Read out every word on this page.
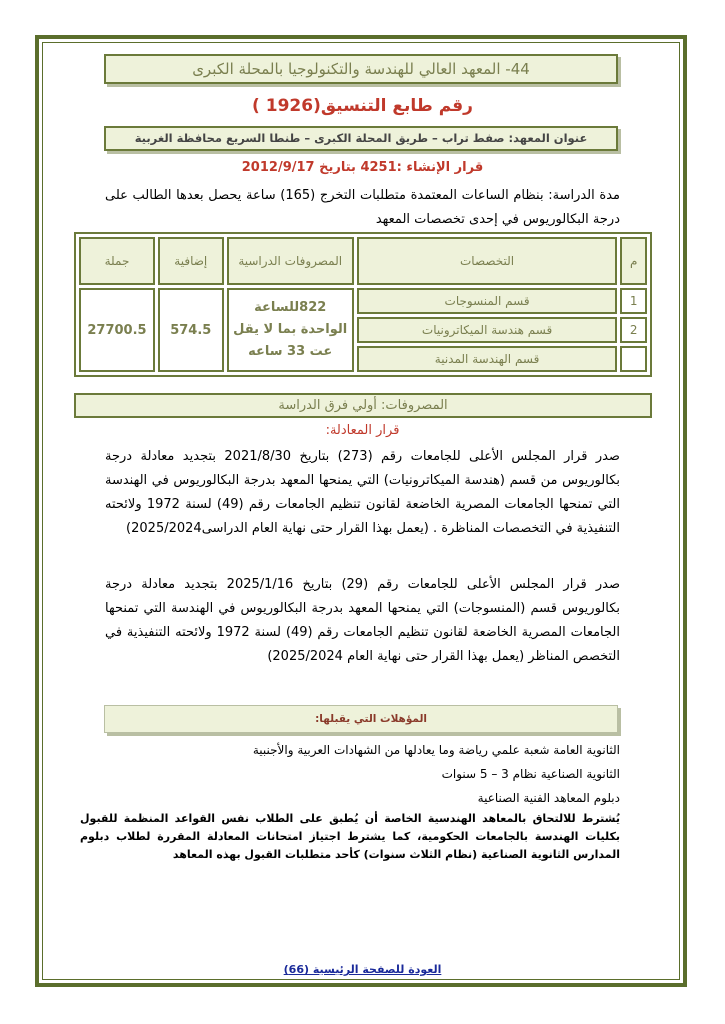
44- المعهد العالي للهندسة والتكنولوجيا بالمحلة الكبرى
رقم طابع التنسيق(1926 )
عنوان المعهد: صفط تراب – طريق المحلة الكبرى – طنطا السريع محافظة الغربية
قرار الإنشاء :4251 بتاريخ 2012/9/17
مدة الدراسة: بنظام الساعات المعتمدة متطلبات التخرج (165) ساعة يحصل بعدها الطالب على درجة البكالوريوس في إحدى تخصصات المعهد
م	التخصصات	المصروفات الدراسية	إضافية	جملة
1	قسم المنسوجات	822للساعة الواحدة بما لا يقل عت 33 ساعه	574.5	27700.5
2	قسم هندسة الميكاترونيات			
	قسم الهندسة المدنية			
المصروفات: أولي فرق الدراسة
قرار المعادلة:
صدر قرار المجلس الأعلى للجامعات رقم (273) بتاريخ 2021/8/30 بتجديد معادلة درجة بكالوريوس من قسم (هندسة الميكاترونيات) التي يمنحها المعهد بدرجة البكالوريوس في الهندسة التي تمنحها الجامعات المصرية الخاضعة لقانون تنظيم الجامعات رقم (49) لسنة 1972 ولائحته التنفيذية في التخصصات المناظرة . (يعمل بهذا القرار حتى نهاية العام الدراسى2025/2024)
صدر قرار المجلس الأعلى للجامعات رقم (29) بتاريخ 2025/1/16 بتجديد معادلة درجة بكالوريوس قسم (المنسوجات) التي يمنحها المعهد بدرجة البكالوريوس في الهندسة التي تمنحها الجامعات المصرية الخاضعة لقانون تنظيم الجامعات رقم (49) لسنة 1972 ولائحته التنفيذية في التخصص المناظر (يعمل بهذا القرار حتى نهاية العام 2025/2024)
المؤهلات التي يقبلها:
الثانوية العامة شعبة علمي رياضة وما يعادلها من الشهادات العربية والأجنبية
الثانوية الصناعية نظام 3 – 5 سنوات
دبلوم المعاهد الفنية الصناعية
يُشترط للالتحاق بالمعاهد الهندسية الخاصة أن يُطبق على الطلاب نفس القواعد المنظمة للقبول بكليات الهندسة بالجامعات الحكومية، كما يشترط اجتياز امتحانات المعادلة المقررة لطلاب دبلوم المدارس الثانوية الصناعية (نظام الثلاث سنوات) كأحد متطلبات القبول بهذه المعاهد
العودة للصفحة الرئيسية (66)
